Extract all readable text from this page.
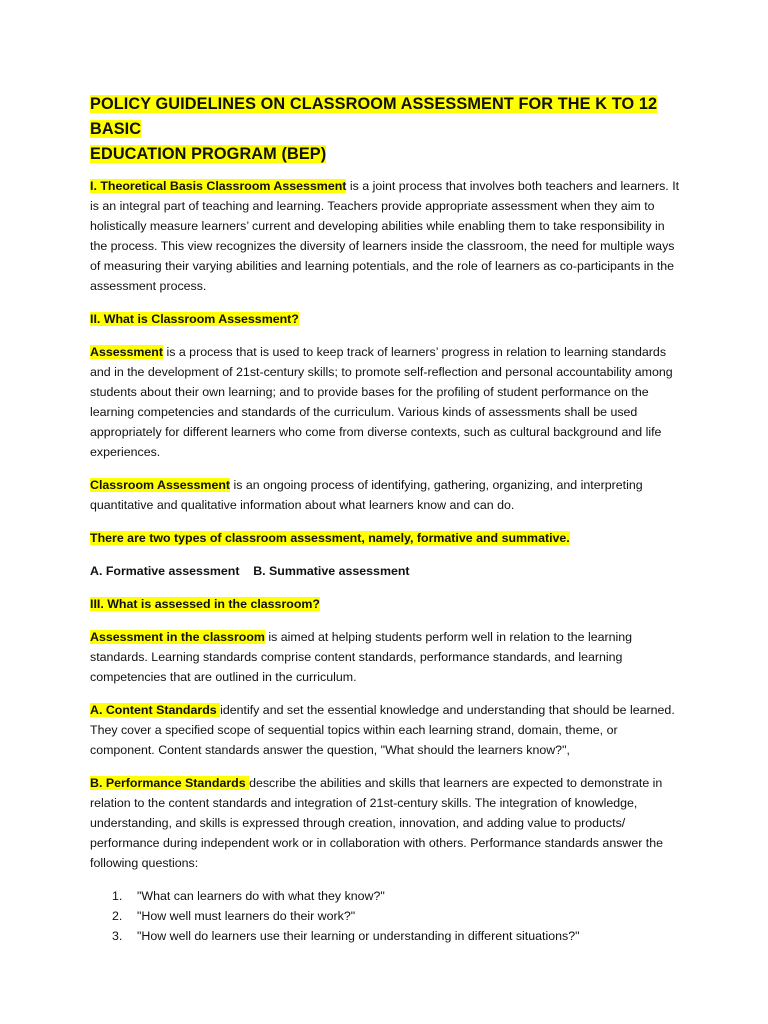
POLICY GUIDELINES ON CLASSROOM ASSESSMENT FOR THE K TO 12 BASIC
EDUCATION PROGRAM (BEP)

I. Theoretical Basis Classroom Assessment is a joint process that involves both teachers and learners. It is an integral part of teaching and learning. Teachers provide appropriate assessment when they aim to holistically measure learners’ current and developing abilities while enabling them to take responsibility in the process. This view recognizes the diversity of learners inside the classroom, the need for multiple ways of measuring their varying abilities and learning potentials, and the role of learners as co-participants in the assessment process.

II. What is Classroom Assessment?

Assessment is a process that is used to keep track of learners’ progress in relation to learning standards and in the development of 21st-century skills; to promote self-reflection and personal accountability among students about their own learning; and to provide bases for the profiling of student performance on the learning competencies and standards of the curriculum. Various kinds of assessments shall be used appropriately for different learners who come from diverse contexts, such as cultural background and life experiences.

Classroom Assessment is an ongoing process of identifying, gathering, organizing, and interpreting quantitative and qualitative information about what learners know and can do.

There are two types of classroom assessment, namely, formative and summative.

A. Formative assessment    B. Summative assessment

III. What is assessed in the classroom?

Assessment in the classroom is aimed at helping students perform well in relation to the learning standards. Learning standards comprise content standards, performance standards, and learning competencies that are outlined in the curriculum.

A. Content Standards identify and set the essential knowledge and understanding that should be learned. They cover a specified scope of sequential topics within each learning strand, domain, theme, or component. Content standards answer the question, "What should the learners know?",

B. Performance Standards describe the abilities and skills that learners are expected to demonstrate in relation to the content standards and integration of 21st-century skills. The integration of knowledge, understanding, and skills is expressed through creation, innovation, and adding value to products/ performance during independent work or in collaboration with others. Performance standards answer the following questions:

1. "What can learners do with what they know?"
2. "How well must learners do their work?"
3. "How well do learners use their learning or understanding in different situations?"
